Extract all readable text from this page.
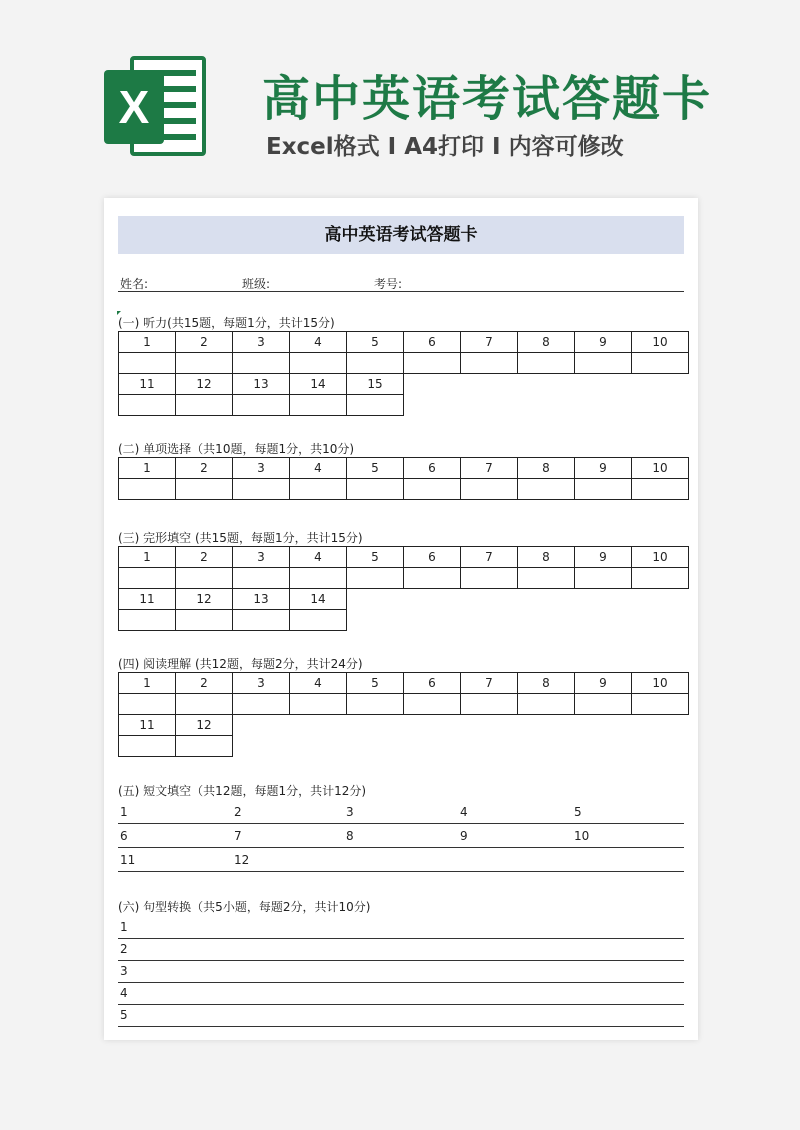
X	高中英语考试答题卡
Excel格式 I A4打印 I 内容可修改
高中英语考试答题卡
姓名:	班级:	考号:
(一) 听力(共15题，每题1分，共计15分)
1	2	3	4	5	6	7	8	9	10

11	12	13	14	15					

(二) 单项选择（共10题，每题1分，共10分)
1	2	3	4	5	6	7	8	9	10

(三) 完形填空 (共15题，每题1分，共计15分)
1	2	3	4	5	6	7	8	9	10

11	12	13	14						

(四) 阅读理解 (共12题，每题2分，共计24分)
1	2	3	4	5	6	7	8	9	10

11	12								

(五) 短文填空（共12题，每题1分，共计12分)
1	2	3	4	5
6	7	8	9	10
11	12
(六) 句型转换（共5小题，每题2分，共计10分)
1
2
3
4
5
